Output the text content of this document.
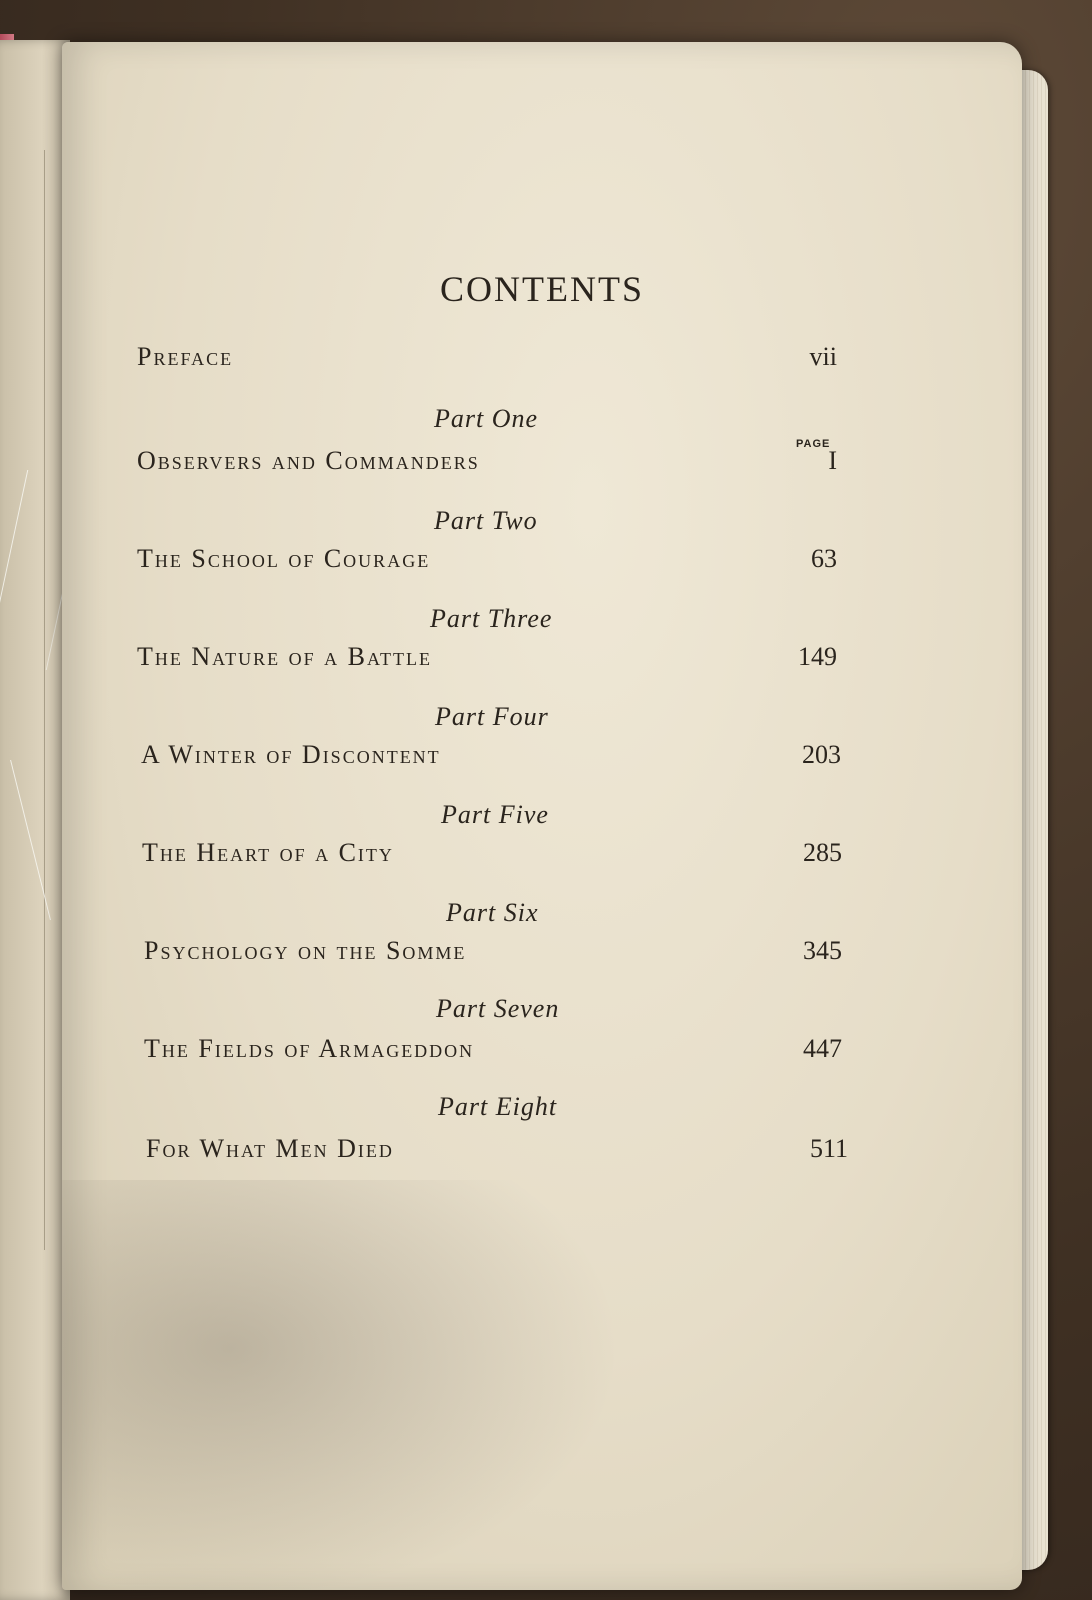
CONTENTS
Preface	vii
Part One
PAGE
Observers and Commanders	I
Part Two
The School of Courage	63
Part Three
The Nature of a Battle	149
Part Four
A Winter of Discontent	203
Part Five
The Heart of a City	285
Part Six
Psychology on the Somme	345
Part Seven
The Fields of Armageddon	447
Part Eight
For What Men Died	511
